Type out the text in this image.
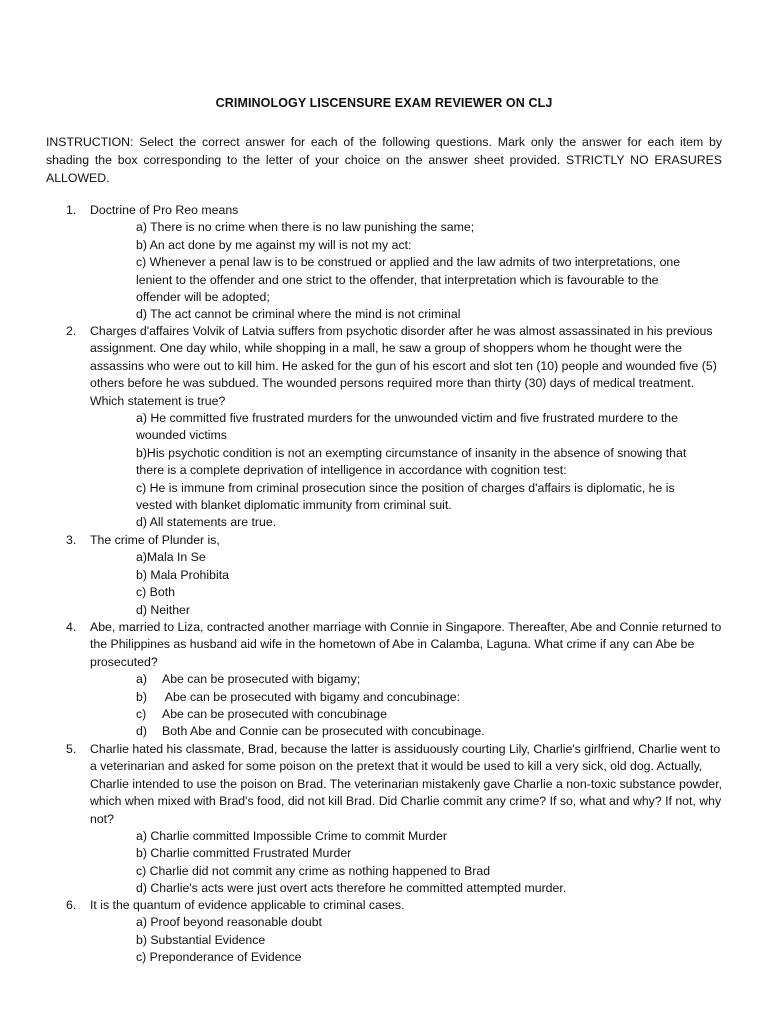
CRIMINOLOGY LISCENSURE EXAM REVIEWER ON CLJ
INSTRUCTION: Select the correct answer for each of the following questions. Mark only the answer for each item by shading the box corresponding to the letter of your choice on the answer sheet provided. STRICTLY NO ERASURES ALLOWED.
1.	Doctrine of Pro Reo means
a) There is no crime when there is no law punishing the same;
b) An act done by me against my will is not my act:
c) Whenever a penal law is to be construed or applied and the law admits of two interpretations, one lenient to the offender and one strict to the offender, that interpretation which is favourable to the offender will be adopted;
d) The act cannot be criminal where the mind is not criminal
2.	Charges d'affaires Volvik of Latvia suffers from psychotic disorder after he was almost assassinated in his previous assignment. One day whilo, while shopping in a mall, he saw a group of shoppers whom he thought were the assassins who were out to kill him. He asked for the gun of his escort and slot ten (10) people and wounded five (5) others before he was subdued. The wounded persons required more than thirty (30) days of medical treatment. Which statement is true?
a) He committed five frustrated murders for the unwounded victim and five frustrated murdere to the wounded victims
b)His psychotic condition is not an exempting circumstance of insanity in the absence of snowing that there is a complete deprivation of intelligence in accordance with cognition test:
c) He is immune from criminal prosecution since the position of charges d'affairs is diplomatic, he is vested with blanket diplomatic immunity from criminal suit.
d) All statements are true.
3.	The crime of Plunder is,
a)Mala In Se
b) Mala Prohibita
c) Both
d) Neither
4.	Abe, married to Liza, contracted another marriage with Connie in Singapore. Thereafter, Abe and Connie returned to the Philippines as husband aid wife in the hometown of Abe in Calamba, Laguna. What crime if any can Abe be prosecuted?
a) Abe can be prosecuted with bigamy;
b) Abe can be prosecuted with bigamy and concubinage:
c) Abe can be prosecuted with concubinage
d) Both Abe and Connie can be prosecuted with concubinage.
5.	Charlie hated his classmate, Brad, because the latter is assiduously courting Lily, Charlie's girlfriend, Charlie went to a veterinarian and asked for some poison on the pretext that it would be used to kill a very sick, old dog. Actually, Charlie intended to use the poison on Brad. The veterinarian mistakenly gave Charlie a non-toxic substance powder, which when mixed with Brad's food, did not kill Brad. Did Charlie commit any crime? If so, what and why? If not, why not?
a) Charlie committed Impossible Crime to commit Murder
b) Charlie committed Frustrated Murder
c) Charlie did not commit any crime as nothing happened to Brad
d) Charlie's acts were just overt acts therefore he committed attempted murder.
6.	It is the quantum of evidence applicable to criminal cases.
a) Proof beyond reasonable doubt
b) Substantial Evidence
c) Preponderance of Evidence
